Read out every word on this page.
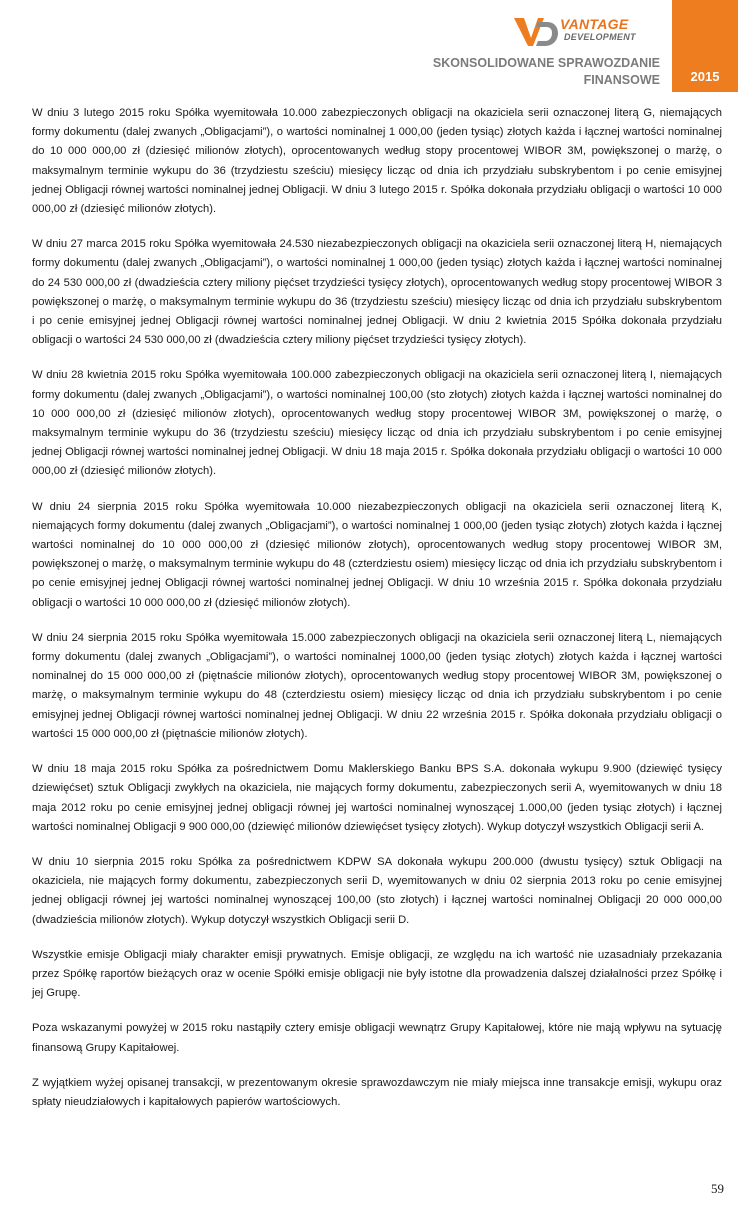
VANTAGE
DEVELOPMENT
SKONSOLIDOWANE SPRAWOZDANIE
FINANSOWE	2015

W dniu 3 lutego 2015 roku Spółka wyemitowała 10.000 zabezpieczonych obligacji na okaziciela serii oznaczonej literą G, niemających formy dokumentu (dalej zwanych „Obligacjami”), o wartości nominalnej 1 000,00 (jeden tysiąc) złotych każda i łącznej wartości nominalnej do 10 000 000,00 zł (dziesięć milionów złotych), oprocentowanych według stopy procentowej WIBOR 3M, powiększonej o marżę, o maksymalnym terminie wykupu do 36 (trzydziestu sześciu) miesięcy licząc od dnia ich przydziału subskrybentom i po cenie emisyjnej jednej Obligacji równej wartości nominalnej jednej Obligacji. W dniu 3 lutego 2015 r. Spółka dokonała przydziału obligacji o wartości 10 000 000,00 zł (dziesięć milionów złotych).

W dniu 27 marca 2015 roku Spółka wyemitowała 24.530 niezabezpieczonych obligacji na okaziciela serii oznaczonej literą H, niemających formy dokumentu (dalej zwanych „Obligacjami”), o wartości nominalnej 1 000,00 (jeden tysiąc) złotych każda i łącznej wartości nominalnej do 24 530 000,00 zł (dwadzieścia cztery miliony pięćset trzydzieści tysięcy złotych), oprocentowanych według stopy procentowej WIBOR 3 powiększonej o marżę, o maksymalnym terminie wykupu do 36 (trzydziestu sześciu) miesięcy licząc od dnia ich przydziału subskrybentom i po cenie emisyjnej jednej Obligacji równej wartości nominalnej jednej Obligacji. W dniu 2 kwietnia 2015 Spółka dokonała przydziału obligacji o wartości 24 530 000,00 zł (dwadzieścia cztery miliony pięćset trzydzieści tysięcy złotych).

W dniu 28 kwietnia 2015 roku Spółka wyemitowała 100.000 zabezpieczonych obligacji na okaziciela serii oznaczonej literą I, niemających formy dokumentu (dalej zwanych „Obligacjami”), o wartości nominalnej 100,00 (sto złotych) złotych każda i łącznej wartości nominalnej do 10 000 000,00 zł (dziesięć milionów złotych), oprocentowanych według stopy procentowej WIBOR 3M, powiększonej o marżę, o maksymalnym terminie wykupu do 36 (trzydziestu sześciu) miesięcy licząc od dnia ich przydziału subskrybentom i po cenie emisyjnej jednej Obligacji równej wartości nominalnej jednej Obligacji. W dniu 18 maja 2015 r. Spółka dokonała przydziału obligacji o wartości 10 000 000,00 zł (dziesięć milionów złotych).

W dniu 24 sierpnia 2015 roku Spółka wyemitowała 10.000 niezabezpieczonych obligacji na okaziciela serii oznaczonej literą K, niemających formy dokumentu (dalej zwanych „Obligacjami”), o wartości nominalnej 1 000,00 (jeden tysiąc złotych) złotych każda i łącznej wartości nominalnej do 10 000 000,00 zł (dziesięć milionów złotych), oprocentowanych według stopy procentowej WIBOR 3M, powiększonej o marżę, o maksymalnym terminie wykupu do 48 (czterdziestu osiem) miesięcy licząc od dnia ich przydziału subskrybentom i po cenie emisyjnej jednej Obligacji równej wartości nominalnej jednej Obligacji. W dniu 10 września 2015 r. Spółka dokonała przydziału obligacji o wartości 10 000 000,00 zł (dziesięć milionów złotych).

W dniu 24 sierpnia 2015 roku Spółka wyemitowała 15.000 zabezpieczonych obligacji na okaziciela serii oznaczonej literą L, niemających formy dokumentu (dalej zwanych „Obligacjami”), o wartości nominalnej 1000,00 (jeden tysiąc złotych) złotych każda i łącznej wartości nominalnej do 15 000 000,00 zł (piętnaście milionów złotych), oprocentowanych według stopy procentowej WIBOR 3M, powiększonej o marżę, o maksymalnym terminie wykupu do 48 (czterdziestu osiem) miesięcy licząc od dnia ich przydziału subskrybentom i po cenie emisyjnej jednej Obligacji równej wartości nominalnej jednej Obligacji. W dniu 22 września 2015 r. Spółka dokonała przydziału obligacji o wartości 15 000 000,00 zł (piętnaście milionów złotych).

W dniu 18 maja 2015 roku Spółka za pośrednictwem Domu Maklerskiego Banku BPS S.A. dokonała wykupu 9.900 (dziewięć tysięcy dziewięćset) sztuk Obligacji zwykłych na okaziciela, nie mających formy dokumentu, zabezpieczonych serii A, wyemitowanych w dniu 18 maja 2012 roku po cenie emisyjnej jednej obligacji równej jej wartości nominalnej wynoszącej 1.000,00 (jeden tysiąc złotych) i łącznej wartości nominalnej Obligacji 9 900 000,00 (dziewięć milionów dziewięćset tysięcy złotych). Wykup dotyczył wszystkich Obligacji serii A.

W dniu 10 sierpnia 2015 roku Spółka za pośrednictwem KDPW SA dokonała wykupu 200.000 (dwustu tysięcy) sztuk Obligacji na okaziciela, nie mających formy dokumentu, zabezpieczonych serii D, wyemitowanych w dniu 02 sierpnia 2013 roku po cenie emisyjnej jednej obligacji równej jej wartości nominalnej wynoszącej 100,00 (sto złotych) i łącznej wartości nominalnej Obligacji 20 000 000,00 (dwadzieścia milionów złotych). Wykup dotyczył wszystkich Obligacji serii D.

Wszystkie emisje Obligacji miały charakter emisji prywatnych. Emisje obligacji, ze względu na ich wartość nie uzasadniały przekazania przez Spółkę raportów bieżących oraz w ocenie Spółki emisje obligacji nie były istotne dla prowadzenia dalszej działalności przez Spółkę i jej Grupę.

Poza wskazanymi powyżej w 2015 roku nastąpiły cztery emisje obligacji wewnątrz Grupy Kapitałowej, które nie mają wpływu na sytuację finansową Grupy Kapitałowej.

Z wyjątkiem wyżej opisanej transakcji, w prezentowanym okresie sprawozdawczym nie miały miejsca inne transakcje emisji, wykupu oraz spłaty nieudziałowych i kapitałowych papierów wartościowych.

59
